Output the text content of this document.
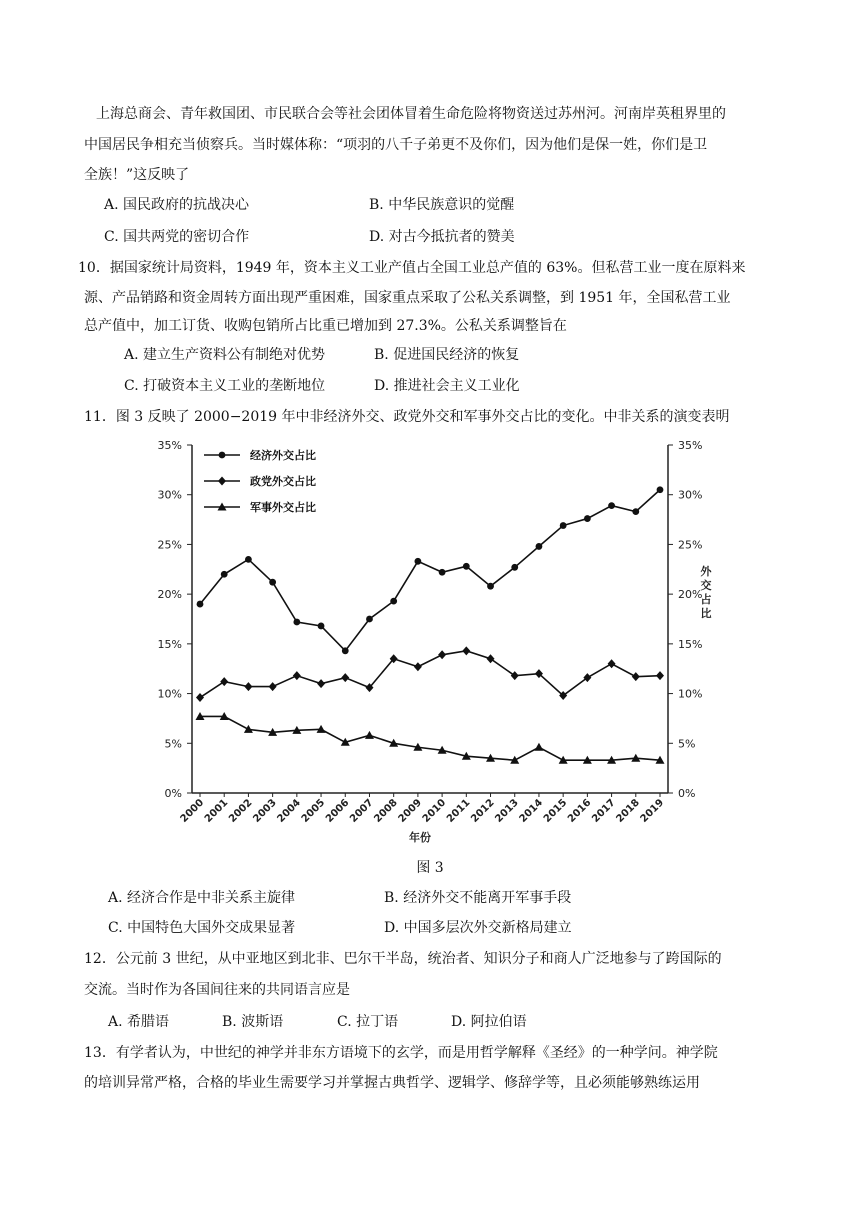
上海总商会、青年救国团、市民联合会等社会团体冒着生命危险将物资送过苏州河。河南岸英租界里的
中国居民争相充当侦察兵。当时媒体称：“项羽的八千子弟更不及你们，因为他们是保一姓，你们是卫
全族！”这反映了
A. 国民政府的抗战决心	B. 中华民族意识的觉醒
C. 国共两党的密切合作	D. 对古今抵抗者的赞美
10．据国家统计局资料，1949 年，资本主义工业产值占全国工业总产值的 63%。但私营工业一度在原料来
源、产品销路和资金周转方面出现严重困难，国家重点采取了公私关系调整，到 1951 年，全国私营工业
总产值中，加工订货、收购包销所占比重已增加到 27.3%。公私关系调整旨在
A. 建立生产资料公有制绝对优势	B. 促进国民经济的恢复
C. 打破资本主义工业的垄断地位	D. 推进社会主义工业化
11．图 3 反映了 2000−2019 年中非经济外交、政党外交和军事外交占比的变化。中非关系的演变表明
0%	0%
5%	5%
10%	10%
15%	15%
20%	20%
25%	25%
30%	30%
35%	35%
2000
2001
2002
2003
2004
2005
2006
2007
2008
2009
2010
2011
2012
2013
2014
2015
2016
2017
2018
2019
年份
外
交
占
比
经济外交占比
政党外交占比
军事外交占比
图 3
A. 经济合作是中非关系主旋律	B. 经济外交不能离开军事手段
C. 中国特色大国外交成果显著	D. 中国多层次外交新格局建立
12．公元前 3 世纪，从中亚地区到北非、巴尔干半岛，统治者、知识分子和商人广泛地参与了跨国际的
交流。当时作为各国间往来的共同语言应是
A. 希腊语	B. 波斯语	C. 拉丁语	D. 阿拉伯语
13．有学者认为，中世纪的神学并非东方语境下的玄学，而是用哲学解释《圣经》的一种学问。神学院
的培训异常严格，合格的毕业生需要学习并掌握古典哲学、逻辑学、修辞学等，且必须能够熟练运用
